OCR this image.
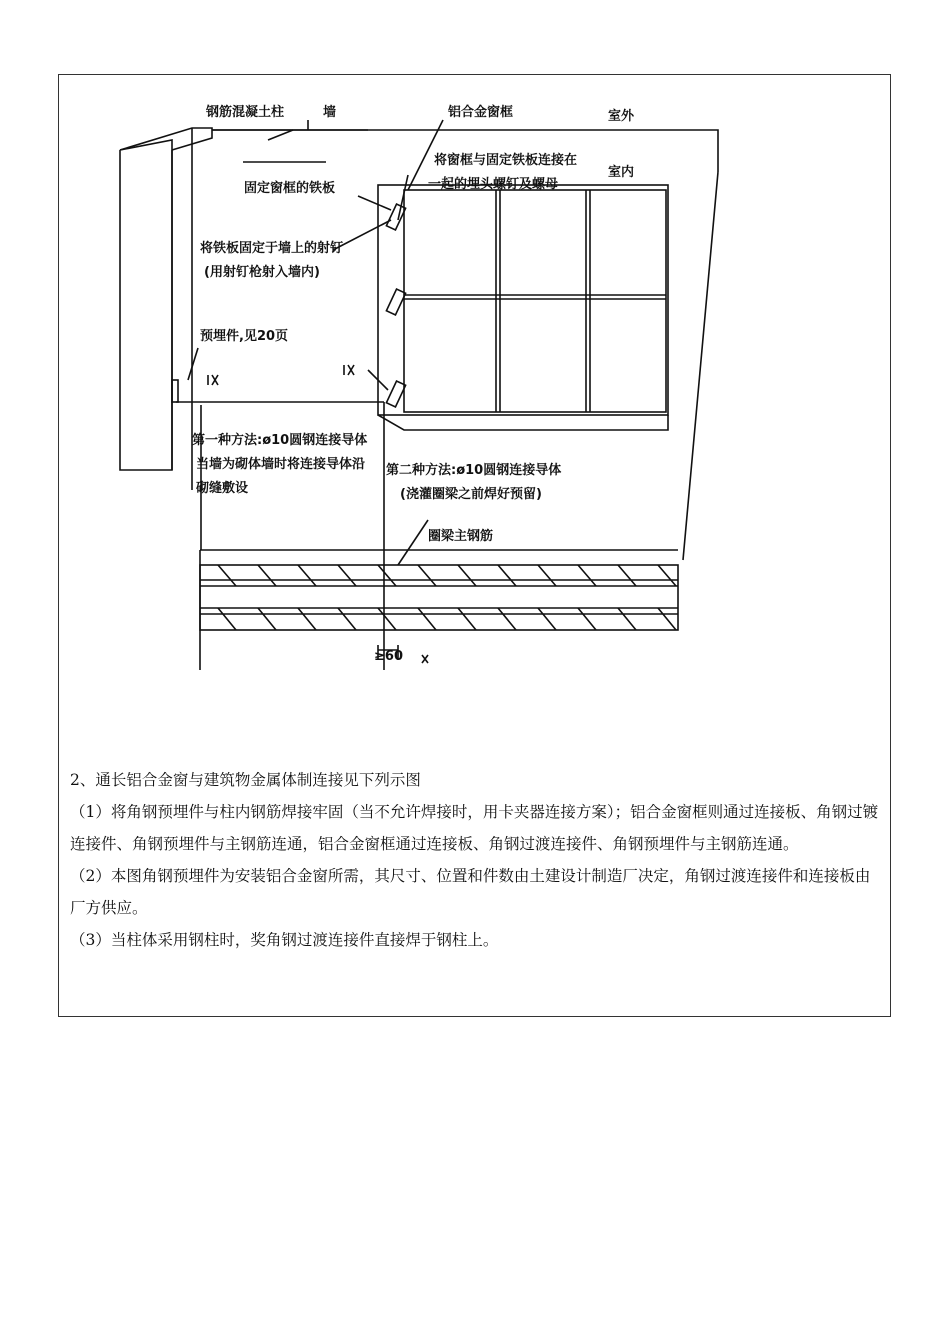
钢筋混凝土柱	墙	铝合金窗框	室外
室内
将窗框与固定铁板连接在
一起的埋头螺钉及螺母
固定窗框的铁板
将铁板固定于墙上的射钉
(用射钉枪射入墙内)
预埋件,见20页
第一种方法:ø10圆钢连接导体
当墙为砌体墙时将连接导体沿
砌缝敷设
第二种方法:ø10圆钢连接导体
(浇灌圈梁之前焊好预留)
圈梁主钢筋
≥60

2、通长铝合金窗与建筑物金属体制连接见下列示图

（1）将角钢预埋件与柱内钢筋焊接牢固（当不允许焊接时，用卡夹器连接方案）；铝合金窗框则通过连接板、角钢过镀连接件、角钢预埋件与主钢筋连通，铝合金窗框通过连接板、角钢过渡连接件、角钢预埋件与主钢筋连通。

（2）本图角钢预埋件为安装铝合金窗所需，其尺寸、位置和件数由土建设计制造厂决定，角钢过渡连接件和连接板由厂方供应。

（3）当柱体采用钢柱时，奖角钢过渡连接件直接焊于钢柱上。
